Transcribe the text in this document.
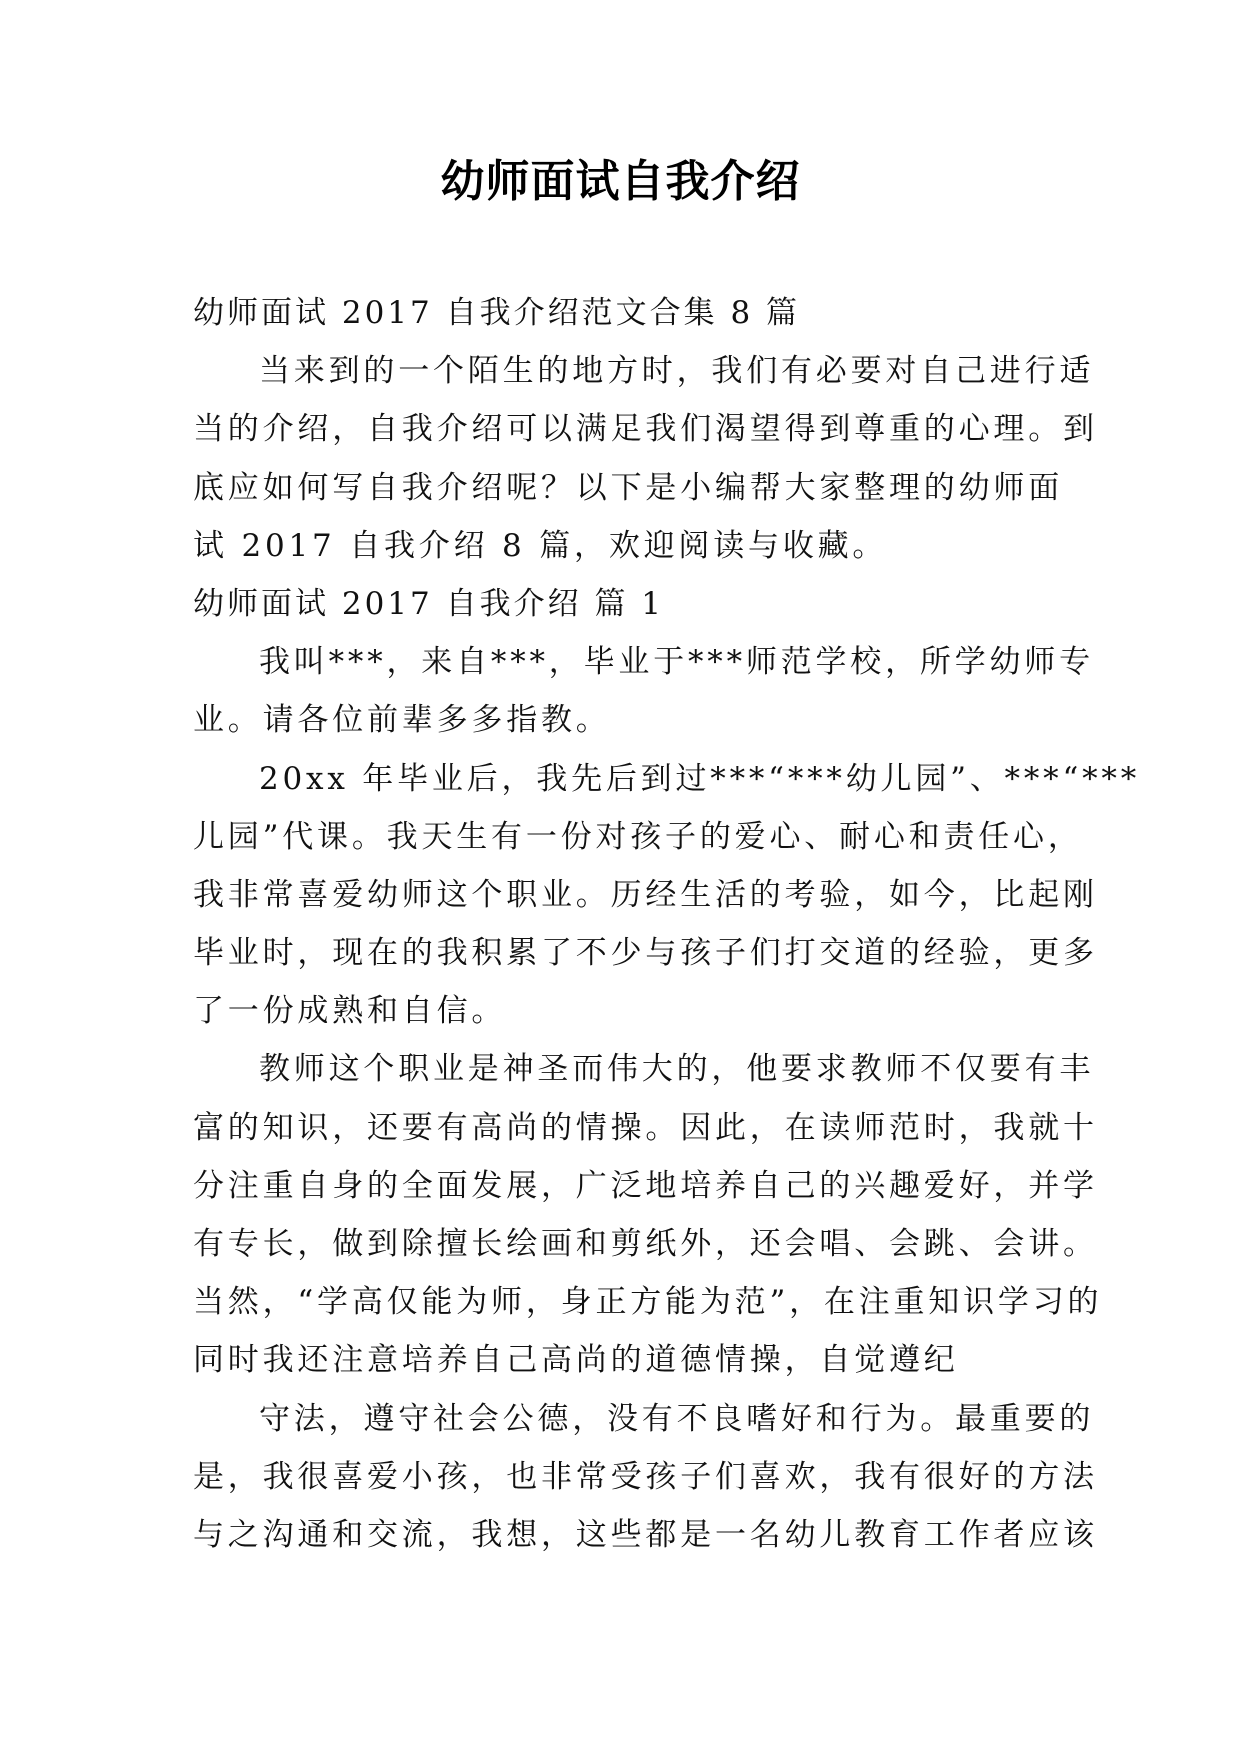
幼师面试自我介绍
幼师面试 2017 自我介绍范文合集 8 篇
当来到的一个陌生的地方时，我们有必要对自己进行适
当的介绍，自我介绍可以满足我们渴望得到尊重的心理。到
底应如何写自我介绍呢？以下是小编帮大家整理的幼师面
试 2017 自我介绍 8 篇，欢迎阅读与收藏。
幼师面试 2017 自我介绍 篇 1
我叫***，来自***，毕业于***师范学校，所学幼师专
业。请各位前辈多多指教。
20xx 年毕业后，我先后到过***“***幼儿园”、***“***
儿园”代课。我天生有一份对孩子的爱心、耐心和责任心，
我非常喜爱幼师这个职业。历经生活的考验，如今，比起刚
毕业时，现在的我积累了不少与孩子们打交道的经验，更多
了一份成熟和自信。
教师这个职业是神圣而伟大的，他要求教师不仅要有丰
富的知识，还要有高尚的情操。因此，在读师范时，我就十
分注重自身的全面发展，广泛地培养自己的兴趣爱好，并学
有专长，做到除擅长绘画和剪纸外，还会唱、会跳、会讲。
当然，“学高仅能为师，身正方能为范”，在注重知识学习的
同时我还注意培养自己高尚的道德情操，自觉遵纪
守法，遵守社会公德，没有不良嗜好和行为。最重要的
是，我很喜爱小孩，也非常受孩子们喜欢，我有很好的方法
与之沟通和交流，我想，这些都是一名幼儿教育工作者应该
